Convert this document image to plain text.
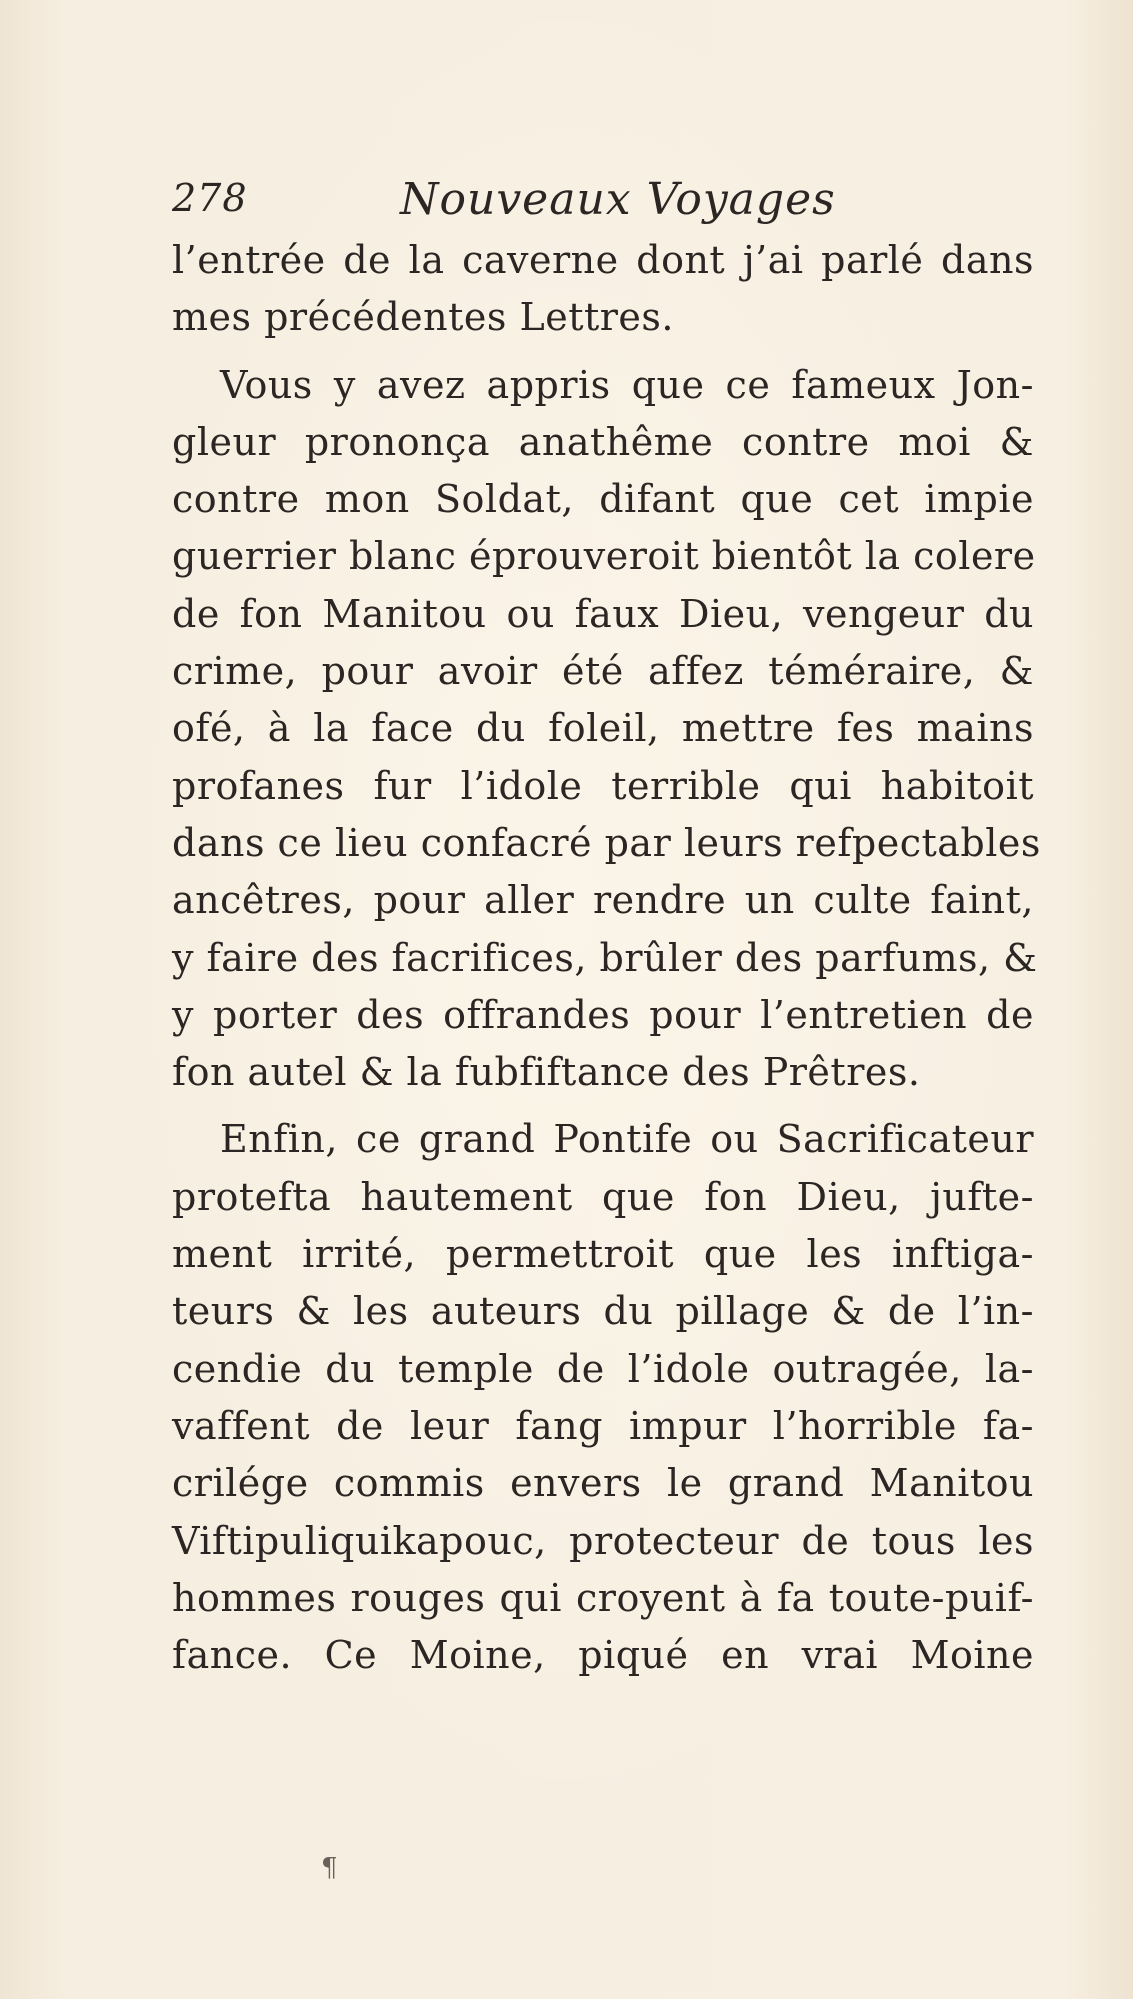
278	Nouveaux Voyages
l’entrée de la caverne dont j’ai parlé dans
mes précédentes Lettres.
Vous y avez appris que ce fameux Jon-
gleur prononça anathême contre moi &
contre mon Soldat, difant que cet impie
guerrier blanc éprouveroit bientôt la colere
de fon Manitou ou faux Dieu, vengeur du
crime, pour avoir été affez téméraire, &
ofé, à la face du foleil, mettre fes mains
profanes fur l’idole terrible qui habitoit
dans ce lieu confacré par leurs refpectables
ancêtres, pour aller rendre un culte faint,
y faire des facrifices, brûler des parfums, &
y porter des offrandes pour l’entretien de
fon autel & la fubfiftance des Prêtres.
Enfin, ce grand Pontife ou Sacrificateur
protefta hautement que fon Dieu, jufte-
ment irrité, permettroit que les inftiga-
teurs & les auteurs du pillage & de l’in-
cendie du temple de l’idole outragée, la-
vaffent de leur fang impur l’horrible fa-
crilége commis envers le grand Manitou
Viftipuliquikapouc, protecteur de tous les
hommes rouges qui croyent à fa toute-puif-
fance. Ce Moine, piqué en vrai Moine
¶
